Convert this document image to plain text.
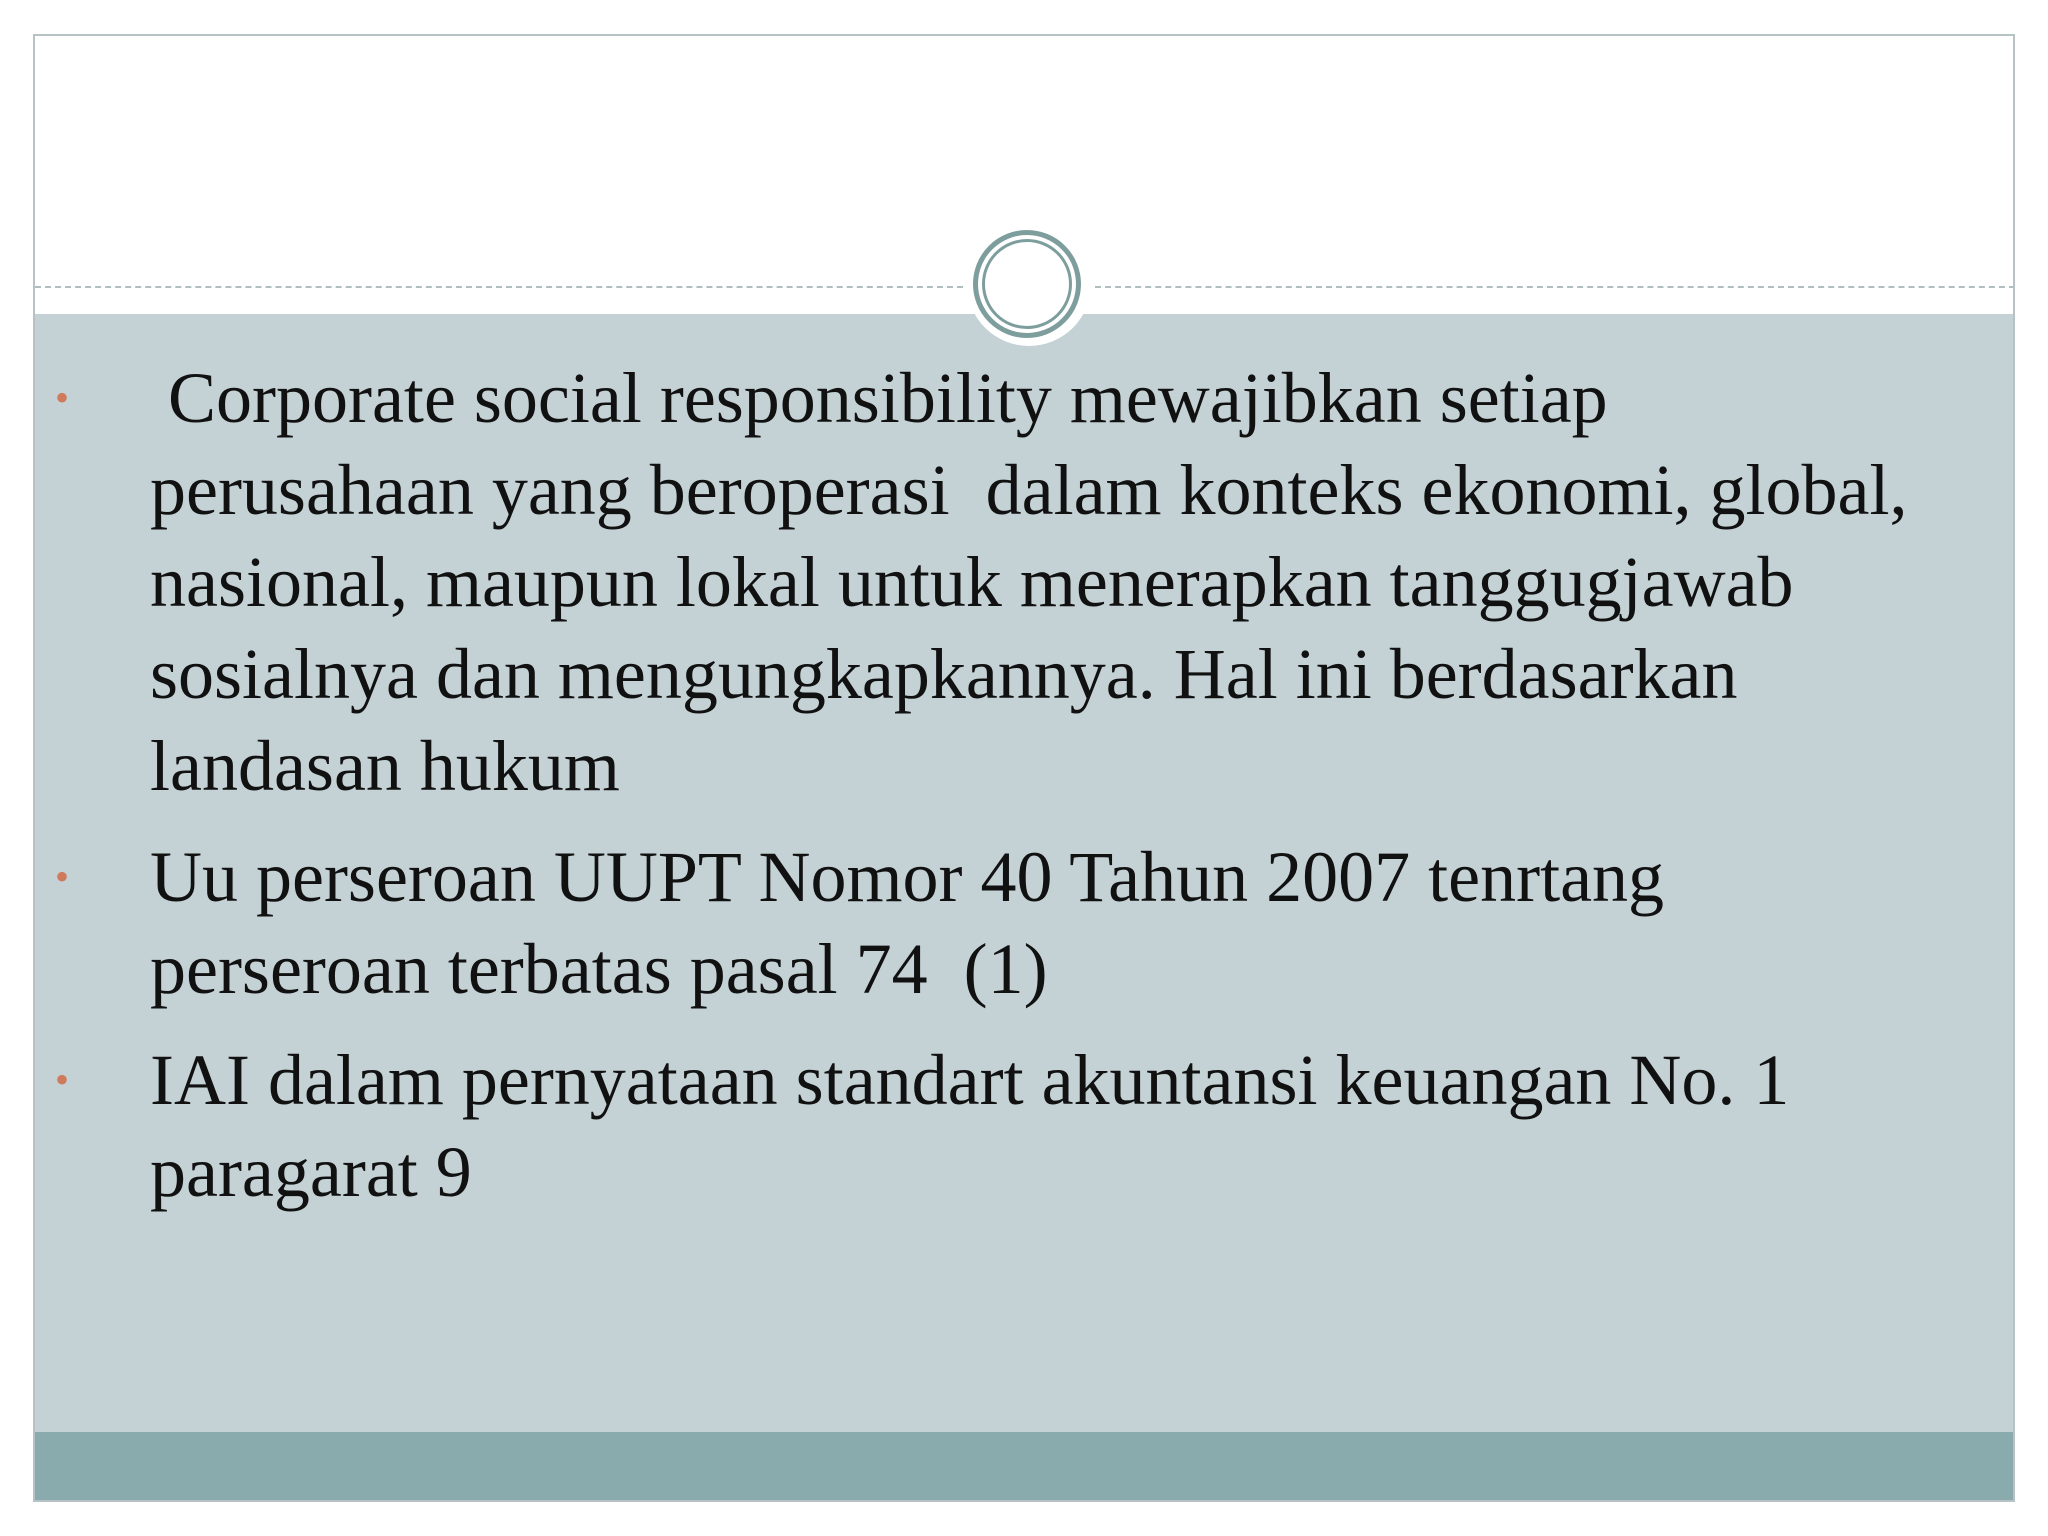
•	Corporate social responsibility mewajibkan setiap perusahaan yang beroperasi  dalam konteks ekonomi, global, nasional, maupun lokal untuk menerapkan tanggugjawab sosialnya dan mengungkapkannya. Hal ini berdasarkan landasan hukum
•	Uu perseroan UUPT Nomor 40 Tahun 2007 tenrtang perseroan terbatas pasal 74  (1)
•	IAI dalam pernyataan standart akuntansi keuangan No. 1 paragarat 9
